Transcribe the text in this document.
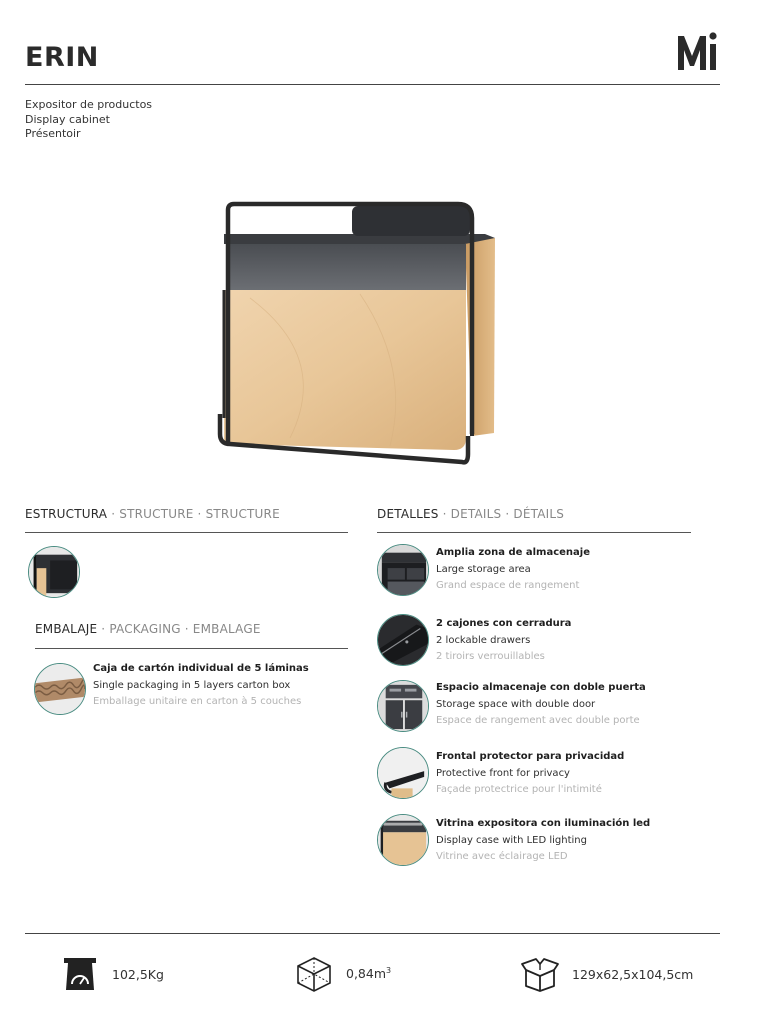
ERIN
Expositor de productos
Display cabinet
Présentoir
ESTRUCTURA · STRUCTURE · STRUCTURE
EMBALAJE · PACKAGING · EMBALAGE
Caja de cartón individual de 5 láminas
Single packaging in 5 layers carton box
Emballage unitaire en carton à 5 couches
DETALLES · DETAILS · DÉTAILS
Amplia zona de almacenaje
Large storage area
Grand espace de rangement
2 cajones con cerradura
2 lockable drawers
2 tiroirs verrouillables
Espacio almacenaje con doble puerta
Storage space with double door
Espace de rangement avec double porte
Frontal protector para privacidad
Protective front for privacy
Façade protectrice pour l'intimité
Vitrina expositora con iluminación led
Display case with LED lighting
Vitrine avec éclairage LED
102,5Kg	$0,84m^3$	129x62,5x104,5cm
